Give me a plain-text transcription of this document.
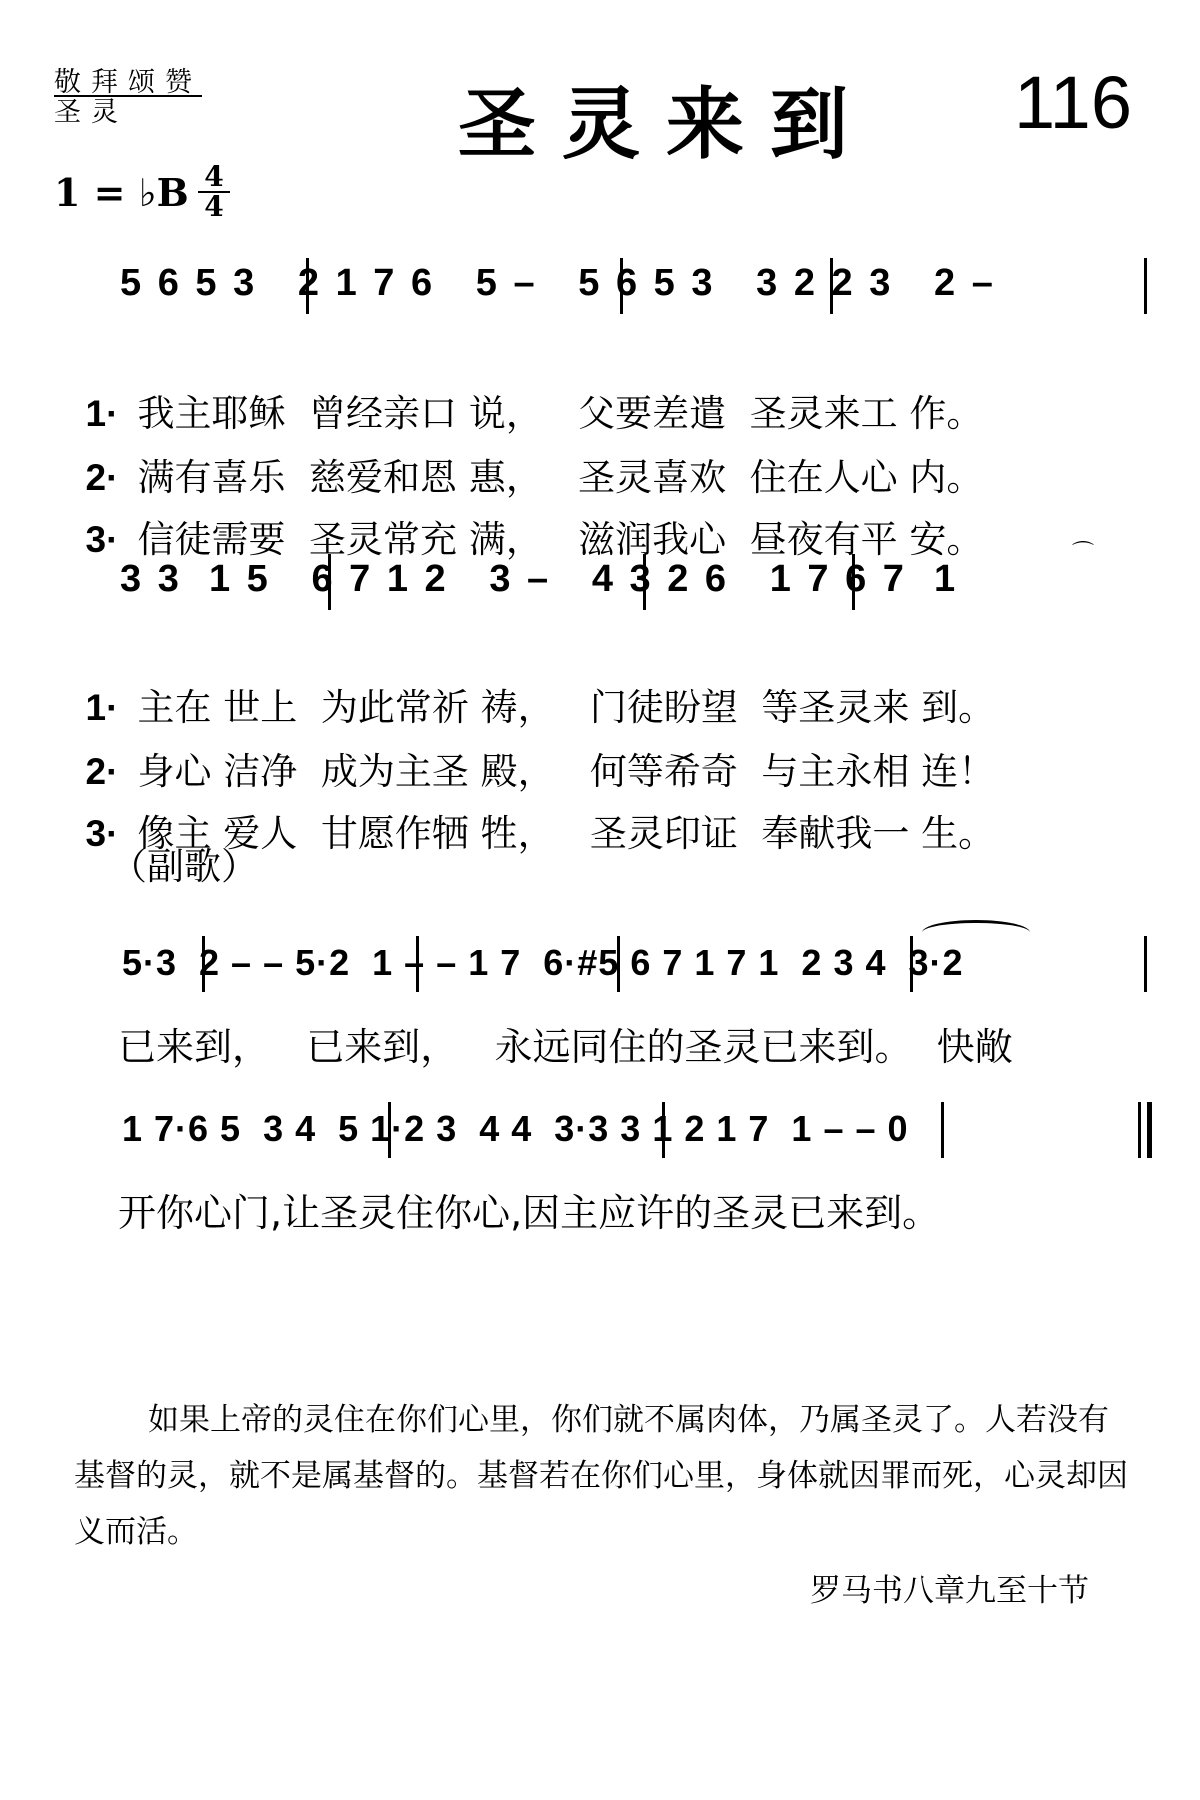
敬拜颂赞
圣灵	圣灵来到 116
1 = ♭B 4
4
5 6 5 3   2 1 7 6   5 –   5 6 5 3   3 2 2 3   2 –

1· 我主耶稣  曾经亲口 说，   父要差遣  圣灵来工 作。

2· 满有喜乐  慈爱和恩 惠，   圣灵喜欢  住在人心 内。

3· 信徒需要  圣灵常充 满，   滋润我心  昼夜有平 安。	⌒
3 3  1 5   6 7 1 2   3 –   4 3 2 6   1 7 6 7  1

1· 主在 世上  为此常祈 祷，   门徒盼望  等圣灵来 到。

2· 身心 洁净  成为主圣 殿，   何等希奇  与主永相 连！

3· 像主 爱人  甘愿作牺 牲，   圣灵印证  奉献我一 生。

（副歌）
5·3  2 – – 5·2  1 – – 1 7  6·#5 6 7 1 7 1  2 3 4  3·2
已来到，   已来到，   永远同住的圣灵已来到。  快敞
1 7·6 5  3 4  5 1·2 3  4 4  3·3 3 1 2 1 7  1 – – 0
开你心门,让圣灵住你心,因主应许的圣灵已来到。
如果上帝的灵住在你们心里，你们就不属肉体，乃属圣灵了。人若没有基督的灵，就不是属基督的。基督若在你们心里，身体就因罪而死，心灵却因义而活。
罗马书八章九至十节
